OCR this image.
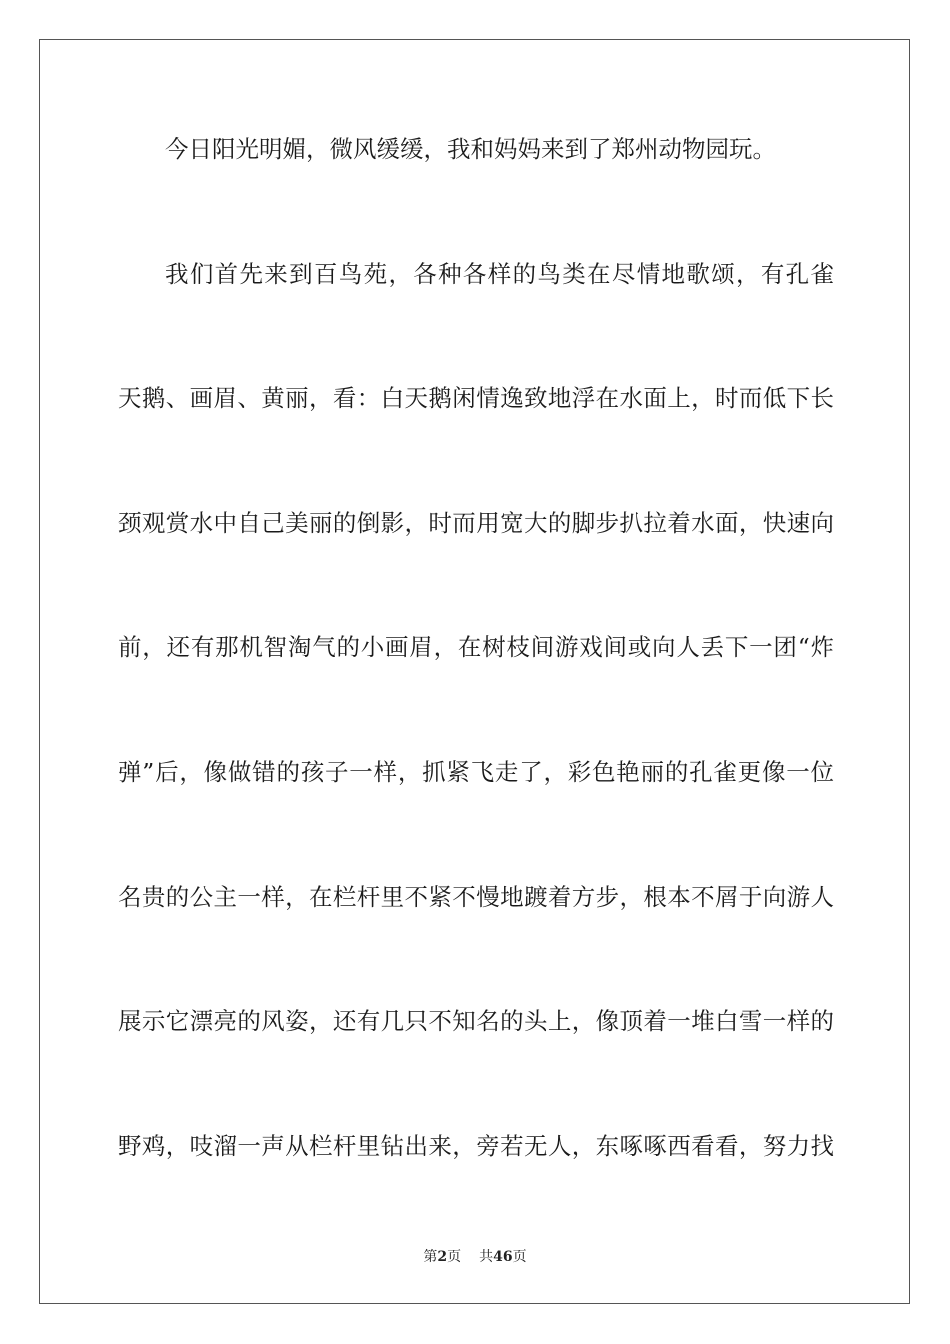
今日阳光明媚，微风缓缓，我和妈妈来到了郑州动物园玩。
我们首先来到百鸟苑，各种各样的鸟类在尽情地歌颂，有孔雀
天鹅、画眉、黄丽，看：白天鹅闲情逸致地浮在水面上，时而低下长
颈观赏水中自己美丽的倒影，时而用宽大的脚步扒拉着水面，快速向
前，还有那机智淘气的小画眉，在树枝间游戏间或向人丢下一团“炸
弹”后，像做错的孩子一样，抓紧飞走了，彩色艳丽的孔雀更像一位
名贵的公主一样，在栏杆里不紧不慢地踱着方步，根本不屑于向游人
展示它漂亮的风姿，还有几只不知名的头上，像顶着一堆白雪一样的
野鸡，吱溜一声从栏杆里钻出来，旁若无人，东啄啄西看看，努力找
第2页 共46页
